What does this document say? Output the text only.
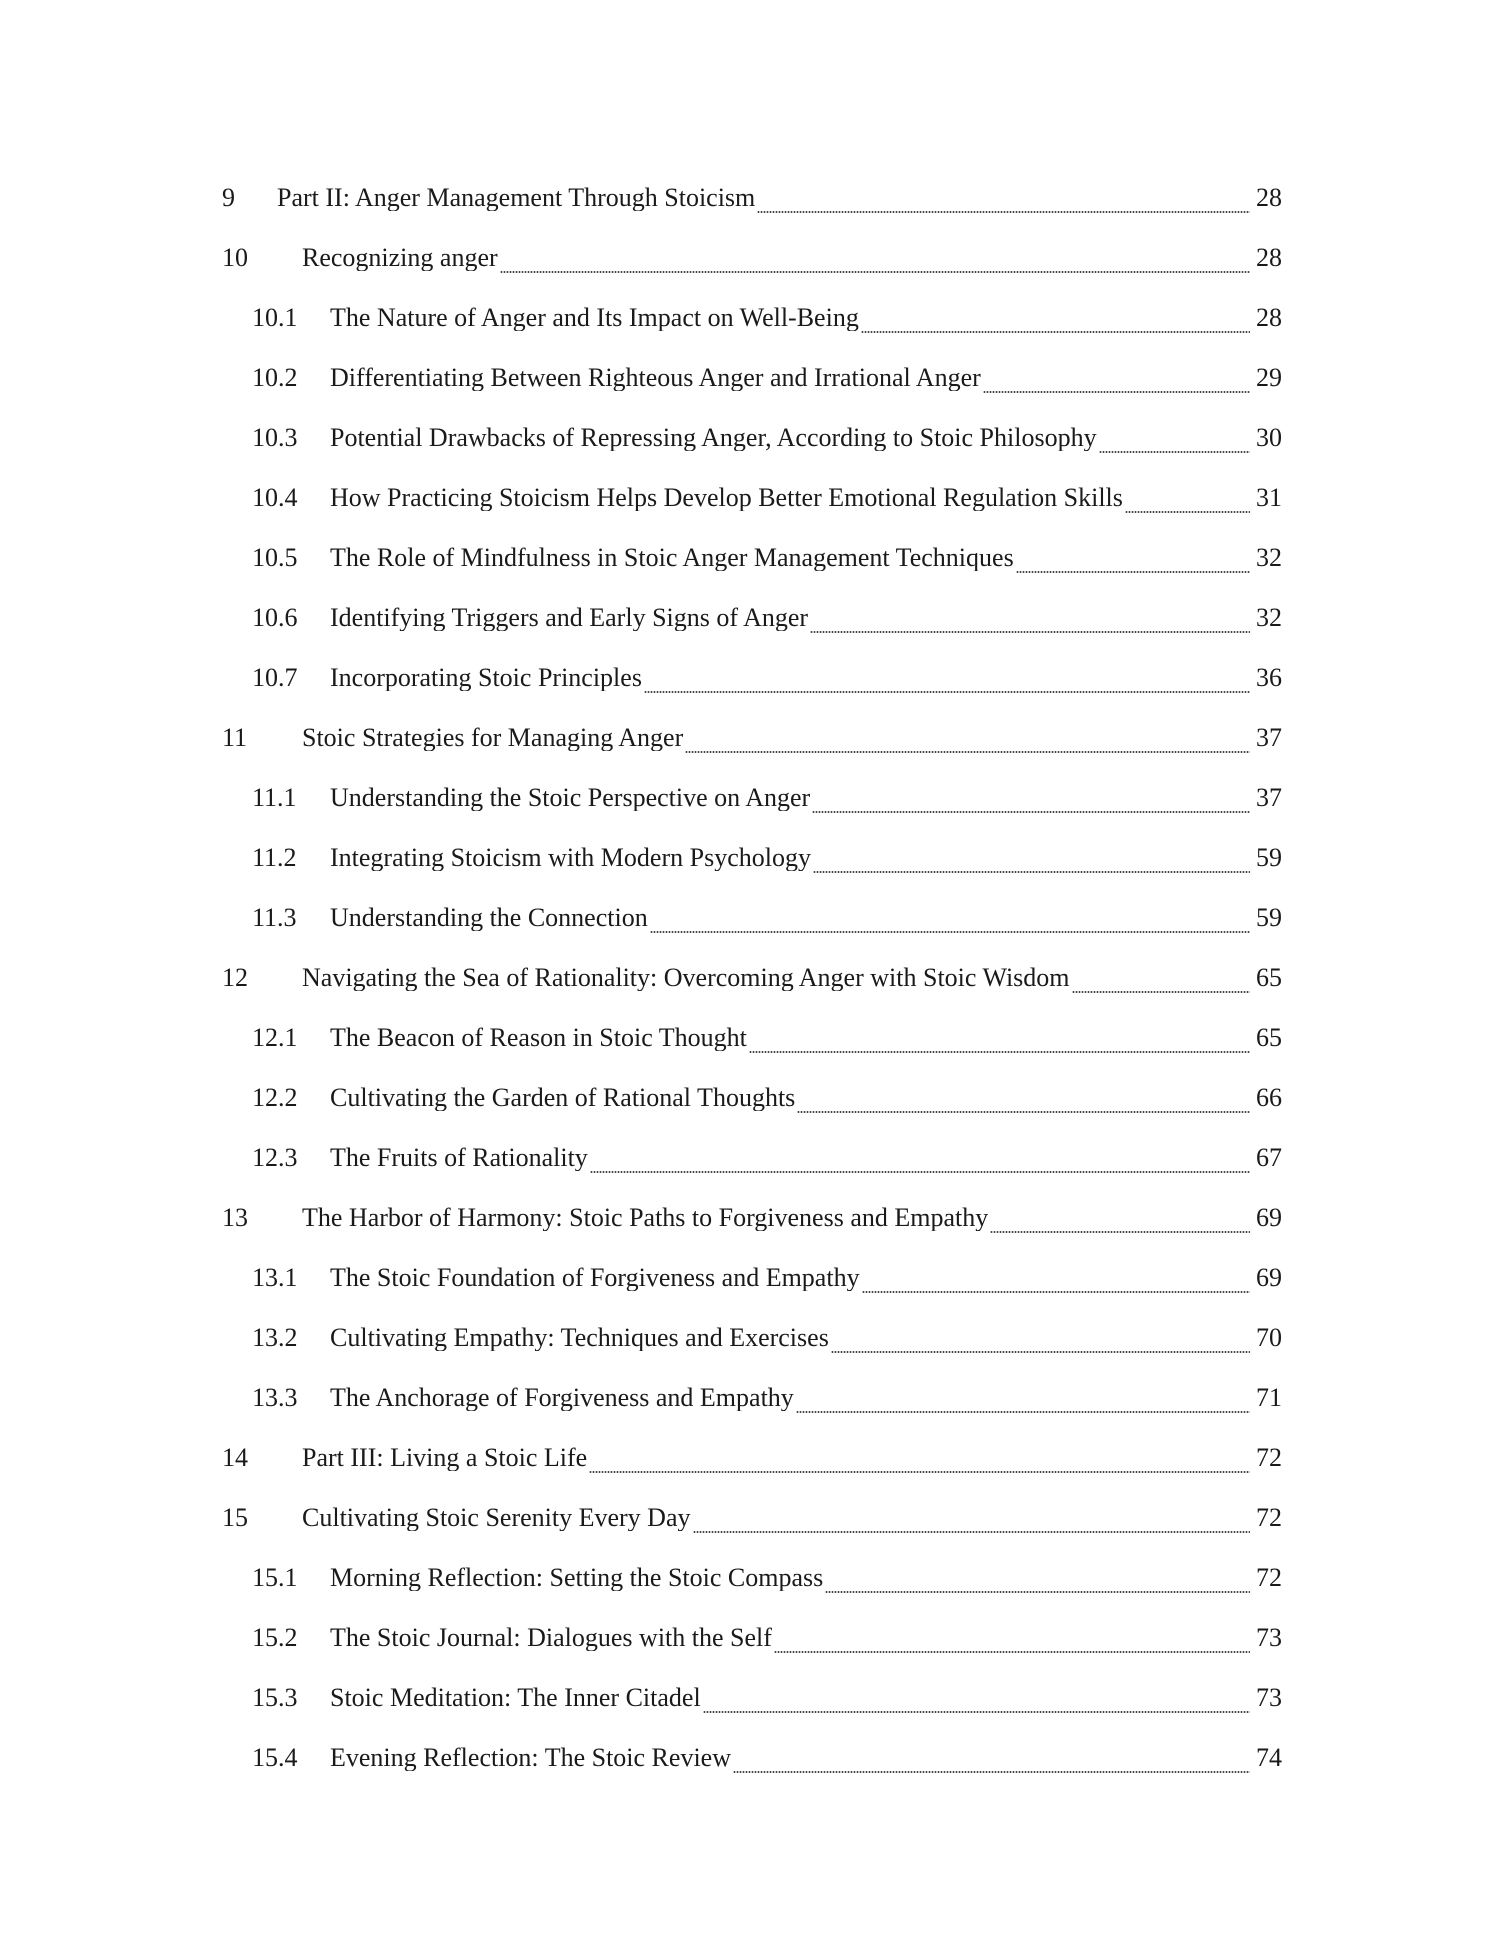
9	Part II: Anger Management Through Stoicism	28
10	Recognizing anger	28
10.1	The Nature of Anger and Its Impact on Well-Being	28
10.2	Differentiating Between Righteous Anger and Irrational Anger	29
10.3	Potential Drawbacks of Repressing Anger, According to Stoic Philosophy	30
10.4	How Practicing Stoicism Helps Develop Better Emotional Regulation Skills	31
10.5	The Role of Mindfulness in Stoic Anger Management Techniques	32
10.6	Identifying Triggers and Early Signs of Anger	32
10.7	Incorporating Stoic Principles	36
11	Stoic Strategies for Managing Anger	37
11.1	Understanding the Stoic Perspective on Anger	37
11.2	Integrating Stoicism with Modern Psychology	59
11.3	Understanding the Connection	59
12	Navigating the Sea of Rationality: Overcoming Anger with Stoic Wisdom	65
12.1	The Beacon of Reason in Stoic Thought	65
12.2	Cultivating the Garden of Rational Thoughts	66
12.3	The Fruits of Rationality	67
13	The Harbor of Harmony: Stoic Paths to Forgiveness and Empathy	69
13.1	The Stoic Foundation of Forgiveness and Empathy	69
13.2	Cultivating Empathy: Techniques and Exercises	70
13.3	The Anchorage of Forgiveness and Empathy	71
14	Part III: Living a Stoic Life	72
15	Cultivating Stoic Serenity Every Day	72
15.1	Morning Reflection: Setting the Stoic Compass	72
15.2	The Stoic Journal: Dialogues with the Self	73
15.3	Stoic Meditation: The Inner Citadel	73
15.4	Evening Reflection: The Stoic Review	74
